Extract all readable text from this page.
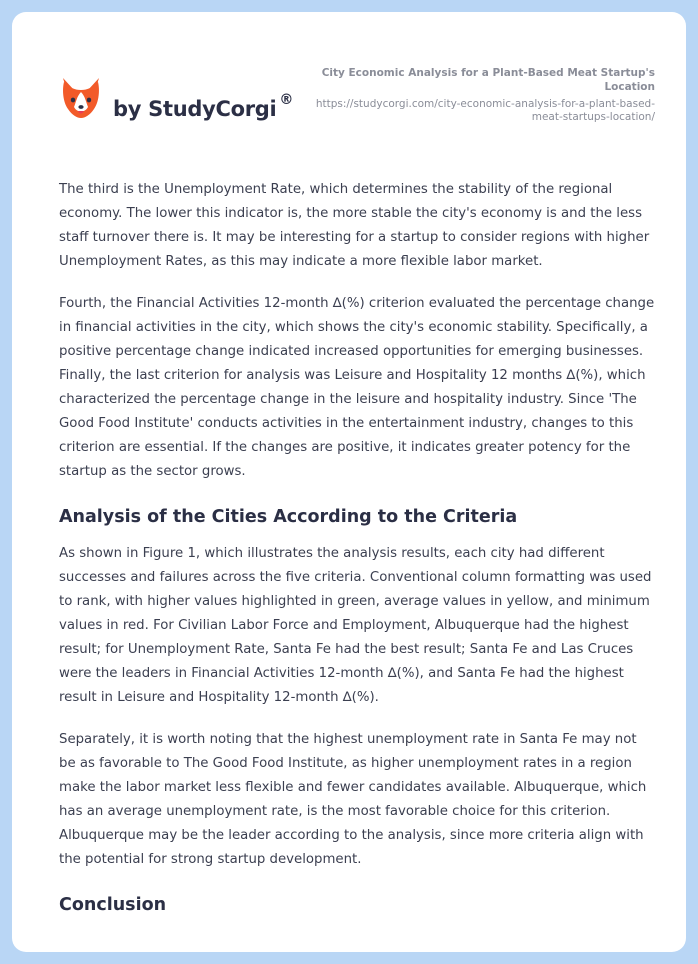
by StudyCorgi ®
City Economic Analysis for a Plant-Based Meat Startup's Location
https://studycorgi.com/city-economic-analysis-for-a-plant-based-meat-startups-location/

The third is the Unemployment Rate, which determines the stability of the regional economy. The lower this indicator is, the more stable the city's economy is and the less staff turnover there is. It may be interesting for a startup to consider regions with higher Unemployment Rates, as this may indicate a more flexible labor market.

Fourth, the Financial Activities 12-month ∆(%) criterion evaluated the percentage change in financial activities in the city, which shows the city's economic stability. Specifically, a positive percentage change indicated increased opportunities for emerging businesses. Finally, the last criterion for analysis was Leisure and Hospitality 12 months ∆(%), which characterized the percentage change in the leisure and hospitality industry. Since 'The Good Food Institute' conducts activities in the entertainment industry, changes to this criterion are essential. If the changes are positive, it indicates greater potency for the startup as the sector grows.

Analysis of the Cities According to the Criteria

As shown in Figure 1, which illustrates the analysis results, each city had different successes and failures across the five criteria. Conventional column formatting was used to rank, with higher values highlighted in green, average values in yellow, and minimum values in red. For Civilian Labor Force and Employment, Albuquerque had the highest result; for Unemployment Rate, Santa Fe had the best result; Santa Fe and Las Cruces were the leaders in Financial Activities 12-month ∆(%), and Santa Fe had the highest result in Leisure and Hospitality 12-month ∆(%).

Separately, it is worth noting that the highest unemployment rate in Santa Fe may not be as favorable to The Good Food Institute, as higher unemployment rates in a region make the labor market less flexible and fewer candidates available. Albuquerque, which has an average unemployment rate, is the most favorable choice for this criterion. Albuquerque may be the leader according to the analysis, since more criteria align with the potential for strong startup development.

Conclusion
